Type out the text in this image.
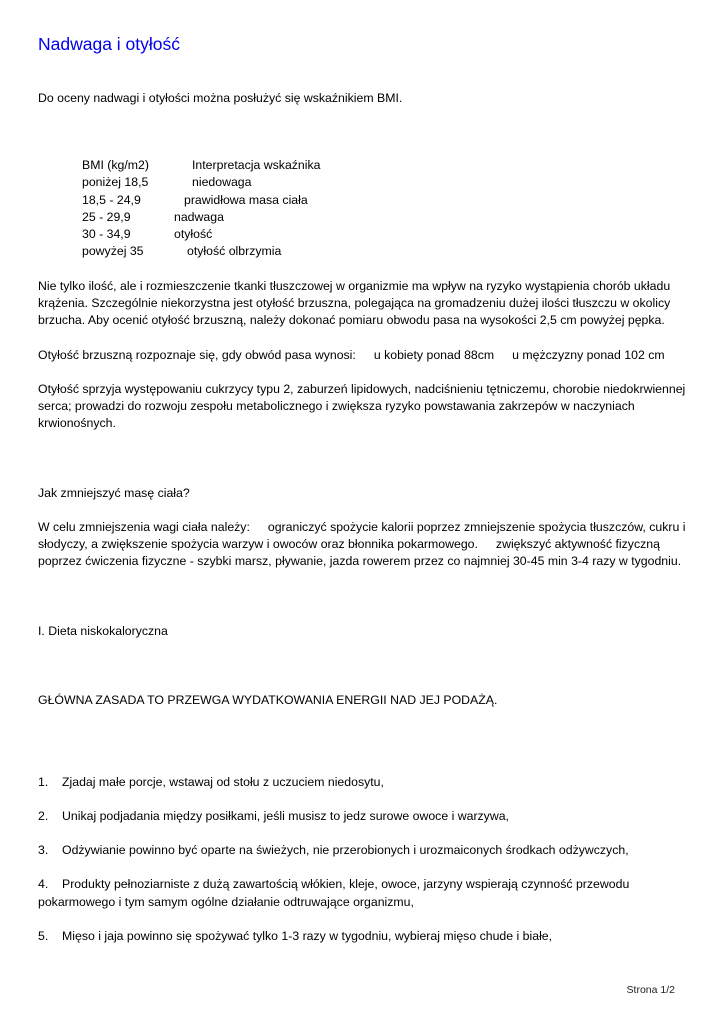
Nadwaga i otyłość

Do oceny nadwagi i otyłości można posłużyć się wskaźnikiem BMI.

BMI (kg/m2)	Interpretacja wskaźnika
poniżej 18,5	niedowaga
18,5 - 24,9	prawidłowa masa ciała
25 - 29,9	nadwaga
30 - 34,9	otyłość
powyżej 35	otyłość olbrzymia

Nie tylko ilość, ale i rozmieszczenie tkanki tłuszczowej w organizmie ma wpływ na ryzyko wystąpienia chorób układu krążenia. Szczególnie niekorzystna jest otyłość brzuszna, polegająca na gromadzeniu dużej ilości tłuszczu w okolicy brzucha. Aby ocenić otyłość brzuszną, należy dokonać pomiaru obwodu pasa na wysokości 2,5 cm powyżej pępka.

Otyłość brzuszną rozpoznaje się, gdy obwód pasa wynosi: u kobiety ponad 88cm u mężczyzny ponad 102 cm

Otyłość sprzyja występowaniu cukrzycy typu 2, zaburzeń lipidowych, nadciśnieniu tętniczemu, chorobie niedokrwiennej serca; prowadzi do rozwoju zespołu metabolicznego i zwiększa ryzyko powstawania zakrzepów w naczyniach krwionośnych.

Jak zmniejszyć masę ciała?

W celu zmniejszenia wagi ciała należy: ograniczyć spożycie kalorii poprzez zmniejszenie spożycia tłuszczów, cukru i słodyczy, a zwiększenie spożycia warzyw i owoców oraz błonnika pokarmowego. zwiększyć aktywność fizyczną poprzez ćwiczenia fizyczne - szybki marsz, pływanie, jazda rowerem przez co najmniej 30-45 min 3-4 razy w tygodniu.

I. Dieta niskokaloryczna

GŁÓWNA ZASADA TO PRZEWGA WYDATKOWANIA ENERGII NAD JEJ PODAŻĄ.

1. Zjadaj małe porcje, wstawaj od stołu z uczuciem niedosytu,

2. Unikaj podjadania między posiłkami, jeśli musisz to jedz surowe owoce i warzywa,

3. Odżywianie powinno być oparte na świeżych, nie przerobionych i urozmaiconych środkach odżywczych,

4. Produkty pełnoziarniste z dużą zawartością włókien, kleje, owoce, jarzyny wspierają czynność przewodu pokarmowego i tym samym ogólne działanie odtruwające organizmu,

5. Mięso i jaja powinno się spożywać tylko 1-3 razy w tygodniu, wybieraj mięso chude i białe,

Strona 1/2
